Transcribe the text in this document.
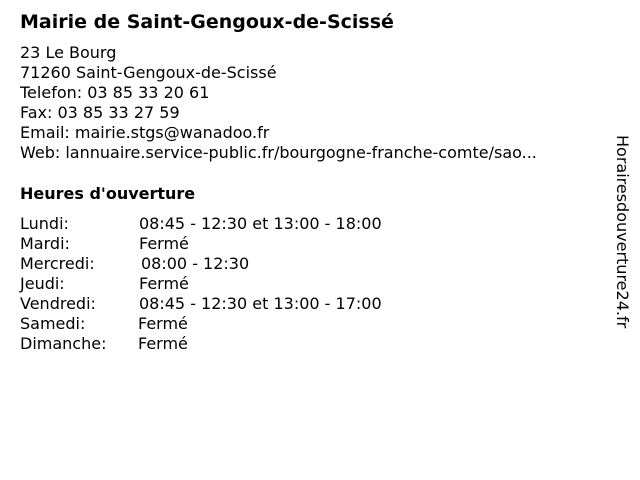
Mairie de Saint-Gengoux-de-Scissé
23 Le Bourg
71260 Saint-Gengoux-de-Scissé
Telefon: 03 85 33 20 61
Fax: 03 85 33 27 59
Email: mairie.stgs@wanadoo.fr
Web: lannuaire.service-public.fr/bourgogne-franche-comte/sao...
Heures d'ouverture
Lundi:	08:45 - 12:30 et 13:00 - 18:00
Mardi:	Fermé
Mercredi:	08:00 - 12:30
Jeudi:	Fermé
Vendredi:	08:45 - 12:30 et 13:00 - 17:00
Samedi:	Fermé
Dimanche: Fermé
Horairesdouverture24.fr
